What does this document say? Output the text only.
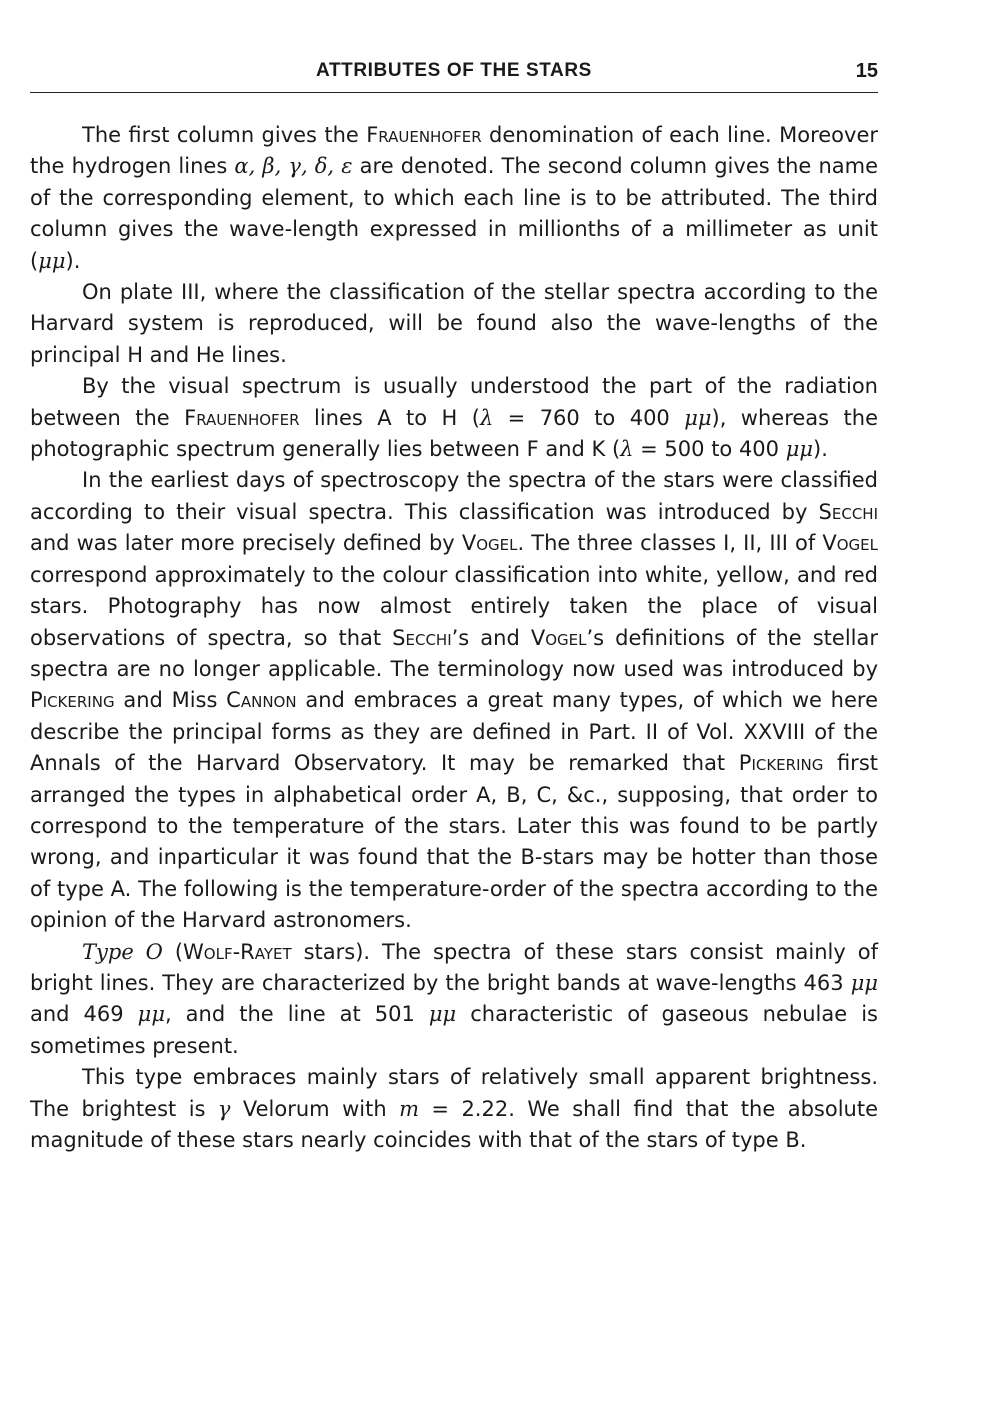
ATTRIBUTES OF THE STARS	15

The first column gives the Frauenhofer denomination of each line. Moreover the hydrogen lines α, β, γ, δ, ε are denoted. The second column gives the name of the corresponding element, to which each line is to be attributed. The third column gives the wave-length expressed in millionths of a millimeter as unit (μμ).

On plate III, where the classification of the stellar spectra according to the Harvard system is reproduced, will be found also the wave-lengths of the principal H and He lines.

By the visual spectrum is usually understood the part of the radiation between the Frauenhofer lines A to H (λ = 760 to 400 μμ), whereas the photographic spectrum generally lies between F and K (λ = 500 to 400 μμ).

In the earliest days of spectroscopy the spectra of the stars were classified according to their visual spectra. This classification was introduced by Secchi and was later more precisely defined by Vogel. The three classes I, II, III of Vogel correspond approximately to the colour classification into white, yellow, and red stars. Photography has now almost entirely taken the place of visual observations of spectra, so that Secchi’s and Vogel’s definitions of the stellar spectra are no longer applicable. The terminology now used was introduced by Pickering and Miss Cannon and embraces a great many types, of which we here describe the principal forms as they are defined in Part. II of Vol. XXVIII of the Annals of the Harvard Observatory. It may be remarked that Pickering first arranged the types in alphabetical order A, B, C, &c., supposing, that order to correspond to the temperature of the stars. Later this was found to be partly wrong, and inparticular it was found that the B-stars may be hotter than those of type A. The following is the temperature-order of the spectra according to the opinion of the Harvard astronomers.

Type O (Wolf-Rayet stars). The spectra of these stars consist mainly of bright lines. They are characterized by the bright bands at wave-lengths 463 μμ and 469 μμ, and the line at 501 μμ characteristic of gaseous nebulae is sometimes present.

This type embraces mainly stars of relatively small apparent brightness. The brightest is γ Velorum with m = 2.22. We shall find that the absolute magnitude of these stars nearly coincides with that of the stars of type B.
